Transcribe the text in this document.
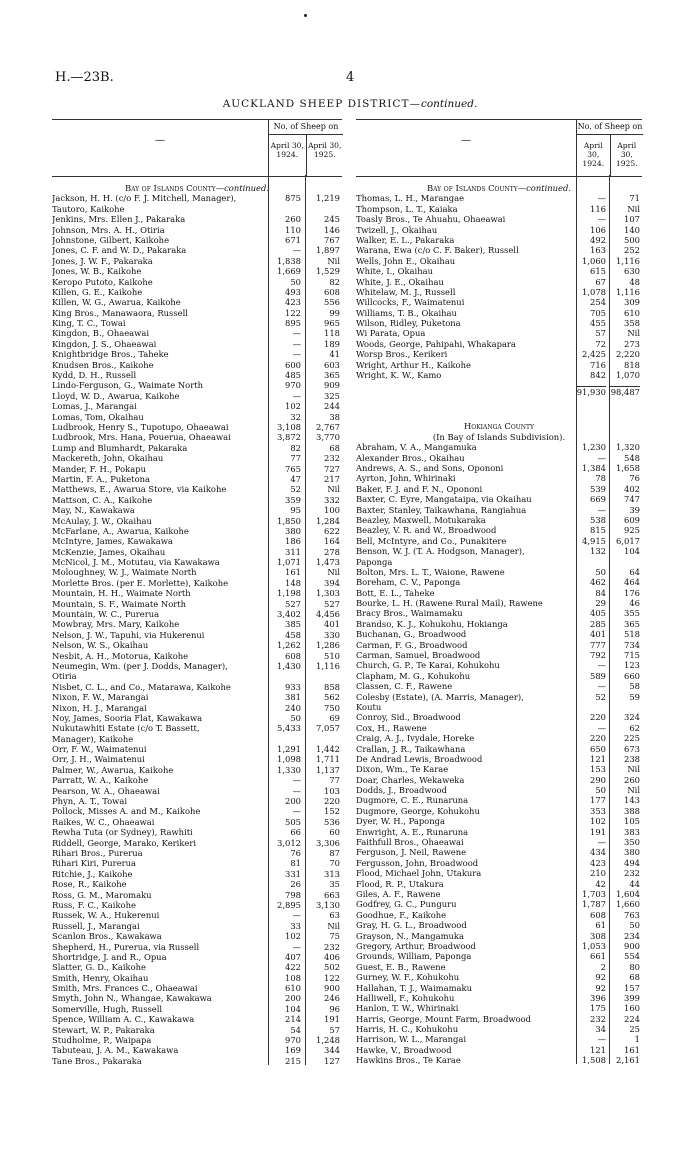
H.—23B.	4
AUCKLAND SHEEP DISTRICT—continued.
—
No. of Sheep on
April 30, 1924.
April 30, 1925.
Bay of Islands County—continued.
Jackson, H. H. (c/o F. J. Mitchell, Manager),	875 1,219
Tautoro, Kaikohe
Jenkins, Mrs. Ellen J., Pakaraka	260	245
Johnson, Mrs. A. H., Otiria	110	146
Johnstone, Gilbert, Kaikohe	671	767
Jones, C. F. and W. D., Pakaraka	— 1,897
Jones, J. W. F., Pakaraka	1,838	Nil
Jones, W. B., Kaikohe	1,669 1,529
Keropo Putoto, Kaikohe	50	82
Killen, G. E., Kaikohe	493	608
Killen, W. G., Awarua, Kaikohe	423	556
King Bros., Manawaora, Russell	122	99
King, T. C., Towai	895	965
Kingdon, B., Ohaeawai	—	118
Kingdon, J. S., Ohaeawai	—	189
Knightbridge Bros., Taheke	—	41
Knudsen Bros., Kaikohe	600	603
Kydd, D. H., Russell	485	365
Lindo-Ferguson, G., Waimate North	970	909
Lloyd, W. D., Awarua, Kaikohe	—	325
Lomas, J., Marangai	102	244
Lomas, Tom, Okaihau	32	38
Ludbrook, Henry S., Tupotupo, Ohaeawai	3,108 2,767
Ludbrook, Mrs. Hana, Pouerua, Ohaeawai	3,872 3,770
Lump and Blumhardt, Pakaraka	82	68
Mackereth, John, Okaihau	77	232
Mander, F. H., Pokapu	765	727
Martin, F. A., Puketona	47	217
Matthews, E., Awarua Store, via Kaikohe	52	Nil
Mattson, C. A., Kaikohe	359	332
May, N., Kawakawa	95	100
McAulay, J. W., Okaihau	1,850 1,284
McFarlane, A., Awarua, Kaikohe	380	622
McIntyre, James, Kawakawa	186	164
McKenzie, James, Okaihau	311	278
McNicol, J. M., Motutau, via Kawakawa	1,071 1,473
Moloughney, W. J., Waimate North	161	Nil
Morlette Bros. (per E. Morlette), Kaikohe	148	394
Mountain, H. H., Waimate North	1,198 1,303
Mountain, S. F., Waimate North	527	527
Mountain, W. C., Pureruа	3,402 4,456
Mowbray, Mrs. Mary, Kaikohe	385	401
Nelson, J. W., Tapuhi, via Hukerenui	458	330
Nelson, W. S., Okaihau	1,262 1,286
Nesbit, A. H., Motorua, Kaikohe	608	510
Neumegin, Wm. (per J. Dodds, Manager),	1,430 1,116
Otiria
Nisbet, C. L., and Co., Matarawa, Kaikohe	933	858
Nixon, F. W., Marangai	381	562
Nixon, H. J., Marangai	240	750
Noy, James, Sooria Flat, Kawakawa	50	69
Nukutawhiti Estate (c/o T. Bassett,	5,433 7,057
Manager), Kaikohe
Orr, F. W., Waimatenui	1,291 1,442
Orr, J. H., Waimatenui	1,098 1,711
Palmer, W., Awarua, Kaikohe	1,330 1,137
Parratt, W. A., Kaikohe	—	77
Pearson, W. A., Ohaeawai	—	103
Phyn, A. T., Towai	200	220
Pollock, Misses A. and M., Kaikohe	—	152
Raikes, W. C., Ohaeawai	505	536
Rewha Tuta (or Sydney), Rawhiti	66	60
Riddell, George, Marako, Kerikeri	3,012 3,306
Rihari Bros., Purerua	76	87
Rihari Kiri, Purerua	81	70
Ritchie, J., Kaikohe	331	313
Rose, R., Kaikohe	26	35
Ross, G. M., Maromaku	798	663
Russ, F. C., Kaikohe	2,895 3,130
Russek, W. A., Hukerenui	—	63
Russell, J., Marangai	33	Nil
Scanlon Bros., Kawakawa	102	75
Shepherd, H., Purerua, via Russell	—	232
Shortridge, J. and R., Opua	407	406
Slatter, G. D., Kaikohe	422	502
Smith, Henry, Okaihau	108	122
Smith, Mrs. Frances C., Ohaeawai	610	900
Smyth, John N., Whangae, Kawakawa	200	246
Somerville, Hugh, Russell	104	96
Spence, William A. C., Kawakawa	214	191
Stewart, W. P., Pakaraka	54	57
Studholme, P., Waipapa	970 1,248
Tabuteau, J. A. M., Kawakawa	169	344
Tane Bros., Pakaraka	215	127
—
No. of Sheep on
April 30, 1924.
April 30, 1925.
Bay of Islands County—continued.
Thomas, L. H., Marangae	—	71
Thompson, L. T., Kaiaka	116	Nil
Toasly Bros., Te Ahuahu, Ohaeawai	— 107
Twizell, J., Okaihau	106 140
Walker, E. L., Pakaraka	492 500
Warana, Ewa (c/o C. F. Baker), Russell	163 252
Wells, John E., Okaihau	1,060 1,116
White, I., Okaihau	615 630
White, J. E., Okaihau	67	48
Whitelaw, M. J., Russell	1,078 1,116
Willcocks, F., Waimatenui	254 309
Williams, T. B., Okaihau	705 610
Wilson, Ridley, Puketona	455 358
Wi Parata, Opua	57	Nil
Woods, George, Pahipahi, Whakapara	72 273
Worsp Bros., Kerikeri	2,425 2,220
Wright, Arthur H., Kaikohe	716 818
Wright, K. W., Kamo	842 1,070
91,930 98,487
Hokianga County
(In Bay of Islands Subdivision).
Abraham, V. A., Mangamuka	1,230 1,320
Alexander Bros., Okaihau	— 548
Andrews, A. S., and Sons, Opononi	1,384 1,658
Ayrton, John, Whirinaki	78	76
Baker, F. J. and F. N., Opononi	539 402
Baxter, C. Eyre, Mangataipa, via Okaihau	669 747
Baxter, Stanley, Taikawhana, Rangiahua	—	39
Beazley, Maxwell, Motukaraka	538 609
Beazley, V. R. and W., Broadwood	815 925
Bell, McIntyre, and Co., Punakitere	4,915 6,017
Benson, W. J. (T. A. Hodgson, Manager),	132 104
Paponga
Bolton, Mrs. L. T., Waione, Rawene	50	64
Boreham, C. V., Paponga	462 464
Bott, E. L., Taheke	84 176
Bourke, L. H. (Rawene Rural Mail), Rawene	29	46
Bracy Bros., Waimamaku	405 355
Brandso, K. J., Kohukohu, Hokianga	285 365
Buchanan, G., Broadwood	401 518
Carman, F. G., Broadwood	777 734
Carman, Samuel, Broadwood	792 715
Church, G. P., Te Karai, Kohukohu	— 123
Clapham, M. G., Kohukohu	589 660
Classen, C. F., Rawene	—	58
Colesby (Estate), (A. Marris, Manager),	52	59
Koutu
Conroy, Sid., Broadwood	220 324
Cox, H., Rawene	—	62
Craig, A. J., Ivydale, Horeke	220 225
Crallan, J. R., Taikawhana	650 673
De Andrad Lewis, Broadwood	121 238
Dixon, Wm., Te Karae	153	Nil
Doar, Charles, Wekaweka	290 260
Dodds, J., Broadwood	50	Nil
Dugmore, C. E., Runaruna	177 143
Dugmore, George, Kohukohu	353 388
Dyer, W. H., Paponga	102 105
Enwright, A. E., Runaruna	191 383
Faithfull Bros., Ohaeawai	— 350
Ferguson, J. Neil, Rawene	434 380
Fergusson, John, Broadwood	423 494
Flood, Michael John, Utakura	210 232
Flood, R. P., Utakura	42	44
Giles, A. F., Rawene	1,703 1,604
Godfrey, G. C., Punguru	1,787 1,660
Goodhue, F., Kaikohe	608 763
Gray, H. G. L., Broadwood	61	50
Grayson, N., Mangamuka	308 234
Gregory, Arthur, Broadwood	1,053 900
Grounds, William, Paponga	661 554
Guest, E. B., Rawene	2	80
Gurney, W. F., Kohukohu	92	68
Hallahan, T. J., Waimamaku	92 157
Halliwell, F., Kohukohu	396 399
Hanlon, T. W., Whirinaki	175 160
Harris, George, Mount Farm, Broadwood	232 224
Harris, H. C., Kohukohu	34	25
Harrison, W. L., Marangai	—	1
Hawke, V., Broadwood	121 161
Hawkins Bros., Te Karae	1,508 2,161
